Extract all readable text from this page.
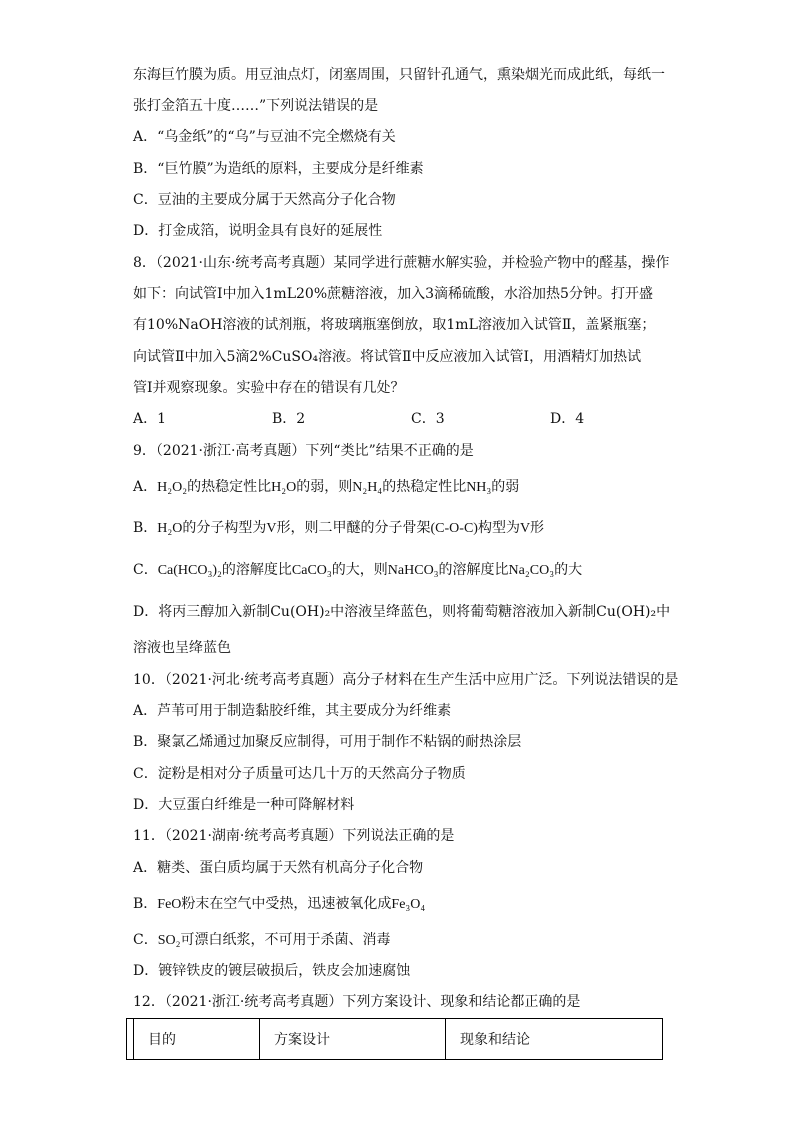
东海巨竹膜为质。用豆油点灯，闭塞周围，只留针孔通气，熏染烟光而成此纸，每纸一
张打金箔五十度……”下列说法错误的是
A．“乌金纸”的“乌”与豆油不完全燃烧有关
B．“巨竹膜”为造纸的原料，主要成分是纤维素
C．豆油的主要成分属于天然高分子化合物
D．打金成箔，说明金具有良好的延展性
8．（2021·山东·统考高考真题）某同学进行蔗糖水解实验，并检验产物中的醛基，操作
如下：向试管Ⅰ中加入1mL20%蔗糖溶液，加入3滴稀硫酸，水浴加热5分钟。打开盛
有10%NaOH溶液的试剂瓶，将玻璃瓶塞倒放，取1mL溶液加入试管Ⅱ，盖紧瓶塞；
向试管Ⅱ中加入5滴2%CuSO₄溶液。将试管Ⅱ中反应液加入试管Ⅰ，用酒精灯加热试
管Ⅰ并观察现象。实验中存在的错误有几处？
A．1	B．2	C．3	D．4
9．（2021·浙江·高考真题）下列“类比”结果不正确的是
A．H₂O₂的热稳定性比H₂O的弱，则N₂H₄的热稳定性比NH₃的弱
B．H₂O的分子构型为V形，则二甲醚的分子骨架(C-O-C)构型为V形
C．Ca(HCO₃)₂的溶解度比CaCO₃的大，则NaHCO₃的溶解度比Na₂CO₃的大
D．将丙三醇加入新制Cu(OH)₂中溶液呈绛蓝色，则将葡萄糖溶液加入新制Cu(OH)₂中
溶液也呈绛蓝色
10．（2021·河北·统考高考真题）高分子材料在生产生活中应用广泛。下列说法错误的是
A．芦苇可用于制造黏胶纤维，其主要成分为纤维素
B．聚氯乙烯通过加聚反应制得，可用于制作不粘锅的耐热涂层
C．淀粉是相对分子质量可达几十万的天然高分子物质
D．大豆蛋白纤维是一种可降解材料
11．（2021·湖南·统考高考真题）下列说法正确的是
A．糖类、蛋白质均属于天然有机高分子化合物
B．FeO粉末在空气中受热，迅速被氧化成Fe₃O₄
C．SO₂可漂白纸浆，不可用于杀菌、消毒
D．镀锌铁皮的镀层破损后，铁皮会加速腐蚀
12．（2021·浙江·统考高考真题）下列方案设计、现象和结论都正确的是
	目的	方案设计	现象和结论
